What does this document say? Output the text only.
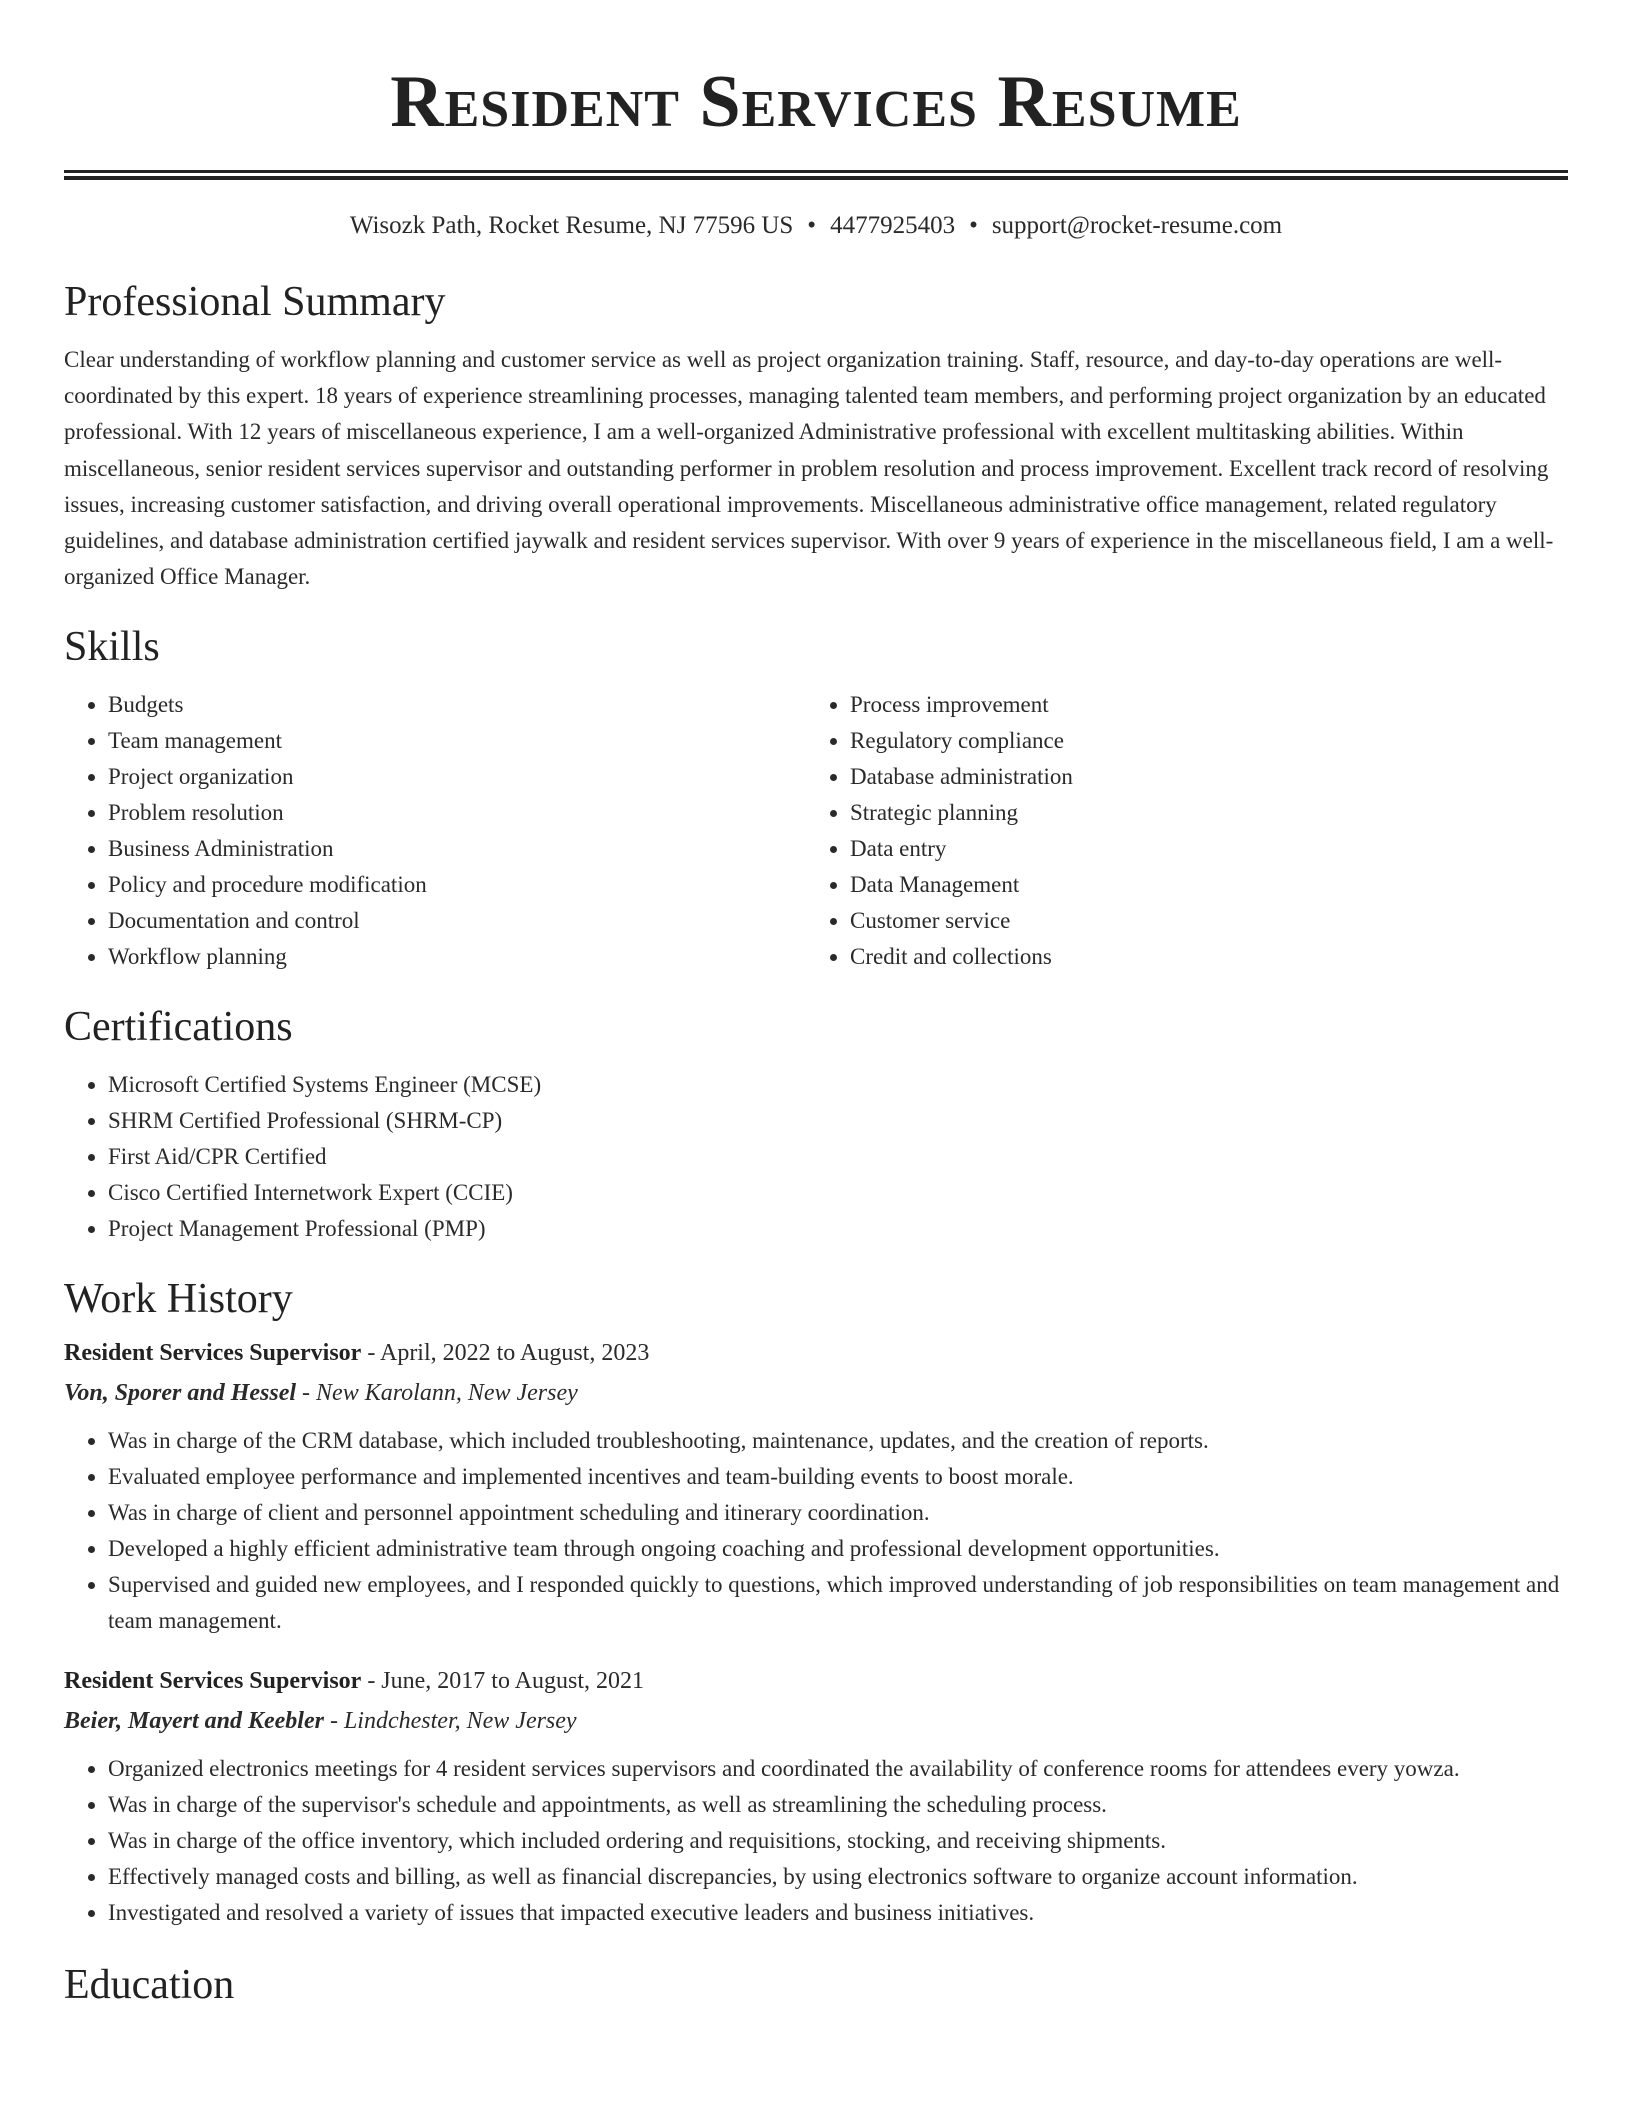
Resident Services Resume
Wisozk Path, Rocket Resume, NJ 77596 US • 4477925403 • support@rocket-resume.com
Professional Summary

Clear understanding of workflow planning and customer service as well as project organization training. Staff, resource, and day-to-day operations are well-coordinated by this expert. 18 years of experience streamlining processes, managing talented team members, and performing project organization by an educated professional. With 12 years of miscellaneous experience, I am a well-organized Administrative professional with excellent multitasking abilities. Within miscellaneous, senior resident services supervisor and outstanding performer in problem resolution and process improvement. Excellent track record of resolving issues, increasing customer satisfaction, and driving overall operational improvements. Miscellaneous administrative office management, related regulatory guidelines, and database administration certified jaywalk and resident services supervisor. With over 9 years of experience in the miscellaneous field, I am a well-organized Office Manager.

Skills
• Budgets
• Team management
• Project organization
• Problem resolution
• Business Administration
• Policy and procedure modification
• Documentation and control
• Workflow planning
• Process improvement
• Regulatory compliance
• Database administration
• Strategic planning
• Data entry
• Data Management
• Customer service
• Credit and collections
Certifications
• Microsoft Certified Systems Engineer (MCSE)
• SHRM Certified Professional (SHRM-CP)
• First Aid/CPR Certified
• Cisco Certified Internetwork Expert (CCIE)
• Project Management Professional (PMP)
Work History
Resident Services Supervisor - April, 2022 to August, 2023
Von, Sporer and Hessel - New Karolann, New Jersey
• Was in charge of the CRM database, which included troubleshooting, maintenance, updates, and the creation of reports.
• Evaluated employee performance and implemented incentives and team-building events to boost morale.
• Was in charge of client and personnel appointment scheduling and itinerary coordination.
• Developed a highly efficient administrative team through ongoing coaching and professional development opportunities.
• Supervised and guided new employees, and I responded quickly to questions, which improved understanding of job responsibilities on team management and team management.
Resident Services Supervisor - June, 2017 to August, 2021
Beier, Mayert and Keebler - Lindchester, New Jersey
• Organized electronics meetings for 4 resident services supervisors and coordinated the availability of conference rooms for attendees every yowza.
• Was in charge of the supervisor's schedule and appointments, as well as streamlining the scheduling process.
• Was in charge of the office inventory, which included ordering and requisitions, stocking, and receiving shipments.
• Effectively managed costs and billing, as well as financial discrepancies, by using electronics software to organize account information.
• Investigated and resolved a variety of issues that impacted executive leaders and business initiatives.
Education
